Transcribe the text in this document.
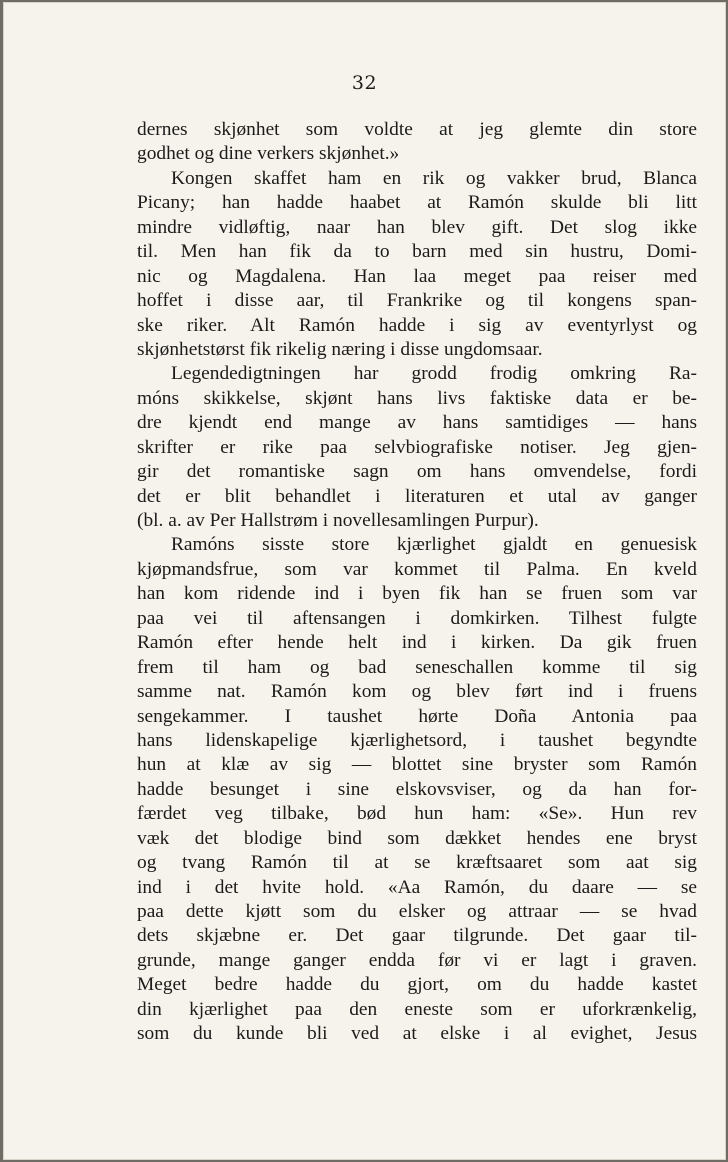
32
dernes skjønhet som voldte at jeg glemte din store
godhet og dine verkers skjønhet.»
Kongen skaffet ham en rik og vakker brud, Blanca
Picany; han hadde haabet at Ramón skulde bli litt
mindre vidløftig, naar han blev gift. Det slog ikke
til. Men han fik da to barn med sin hustru, Domi-
nic og Magdalena. Han laa meget paa reiser med
hoffet i disse aar, til Frankrike og til kongens span-
ske riker. Alt Ramón hadde i sig av eventyrlyst og
skjønhetstørst fik rikelig næring i disse ungdomsaar.
Legendedigtningen har grodd frodig omkring Ra-
móns skikkelse, skjønt hans livs faktiske data er be-
dre kjendt end mange av hans samtidiges — hans
skrifter er rike paa selvbiografiske notiser. Jeg gjen-
gir det romantiske sagn om hans omvendelse, fordi
det er blit behandlet i literaturen et utal av ganger
(bl. a. av Per Hallstrøm i novellesamlingen Purpur).
Ramóns sisste store kjærlighet gjaldt en genuesisk
kjøpmandsfrue, som var kommet til Palma. En kveld
han kom ridende ind i byen fik han se fruen som var
paa vei til aftensangen i domkirken. Tilhest fulgte
Ramón efter hende helt ind i kirken. Da gik fruen
frem til ham og bad seneschallen komme til sig
samme nat. Ramón kom og blev ført ind i fruens
sengekammer. I taushet hørte Doña Antonia paa
hans lidenskapelige kjærlighetsord, i taushet begyndte
hun at klæ av sig — blottet sine bryster som Ramón
hadde besunget i sine elskovsviser, og da han for-
færdet veg tilbake, bød hun ham: «Se». Hun rev
væk det blodige bind som dækket hendes ene bryst
og tvang Ramón til at se kræftsaaret som aat sig
ind i det hvite hold. «Aa Ramón, du daare — se
paa dette kjøtt som du elsker og attraar — se hvad
dets skjæbne er. Det gaar tilgrunde. Det gaar til-
grunde, mange ganger endda før vi er lagt i graven.
Meget bedre hadde du gjort, om du hadde kastet
din kjærlighet paa den eneste som er uforkrænkelig,
som du kunde bli ved at elske i al evighet, Jesus
